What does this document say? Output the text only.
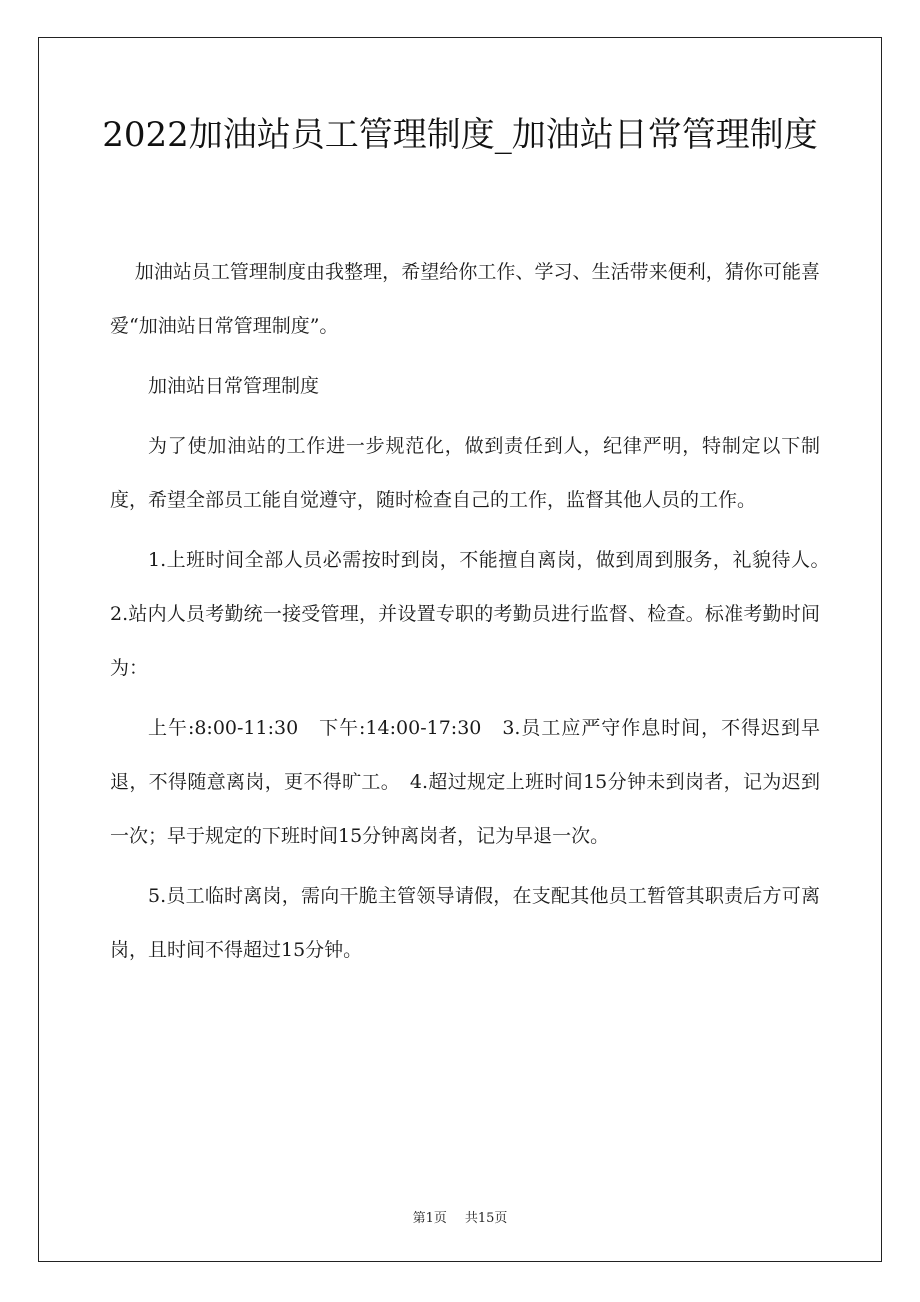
2022加油站员工管理制度_加油站日常管理制度

加油站员工管理制度由我整理，希望给你工作、学习、生活带来便利，猜你可能喜爱“加油站日常管理制度”。

加油站日常管理制度

为了使加油站的工作进一步规范化，做到责任到人，纪律严明，特制定以下制度，希望全部员工能自觉遵守，随时检查自己的工作，监督其他人员的工作。

1.上班时间全部人员必需按时到岗，不能擅自离岗，做到周到服务，礼貌待人。　2.站内人员考勤统一接受管理，并设置专职的考勤员进行监督、检查。标准考勤时间为：

上午:8:00-11:30　下午:14:00-17:30　3.员工应严守作息时间，不得迟到早退，不得随意离岗，更不得旷工。　4.超过规定上班时间15分钟未到岗者，记为迟到一次；早于规定的下班时间15分钟离岗者，记为早退一次。

5.员工临时离岗，需向干脆主管领导请假，在支配其他员工暂管其职责后方可离岗，且时间不得超过15分钟。

第1页 共15页
